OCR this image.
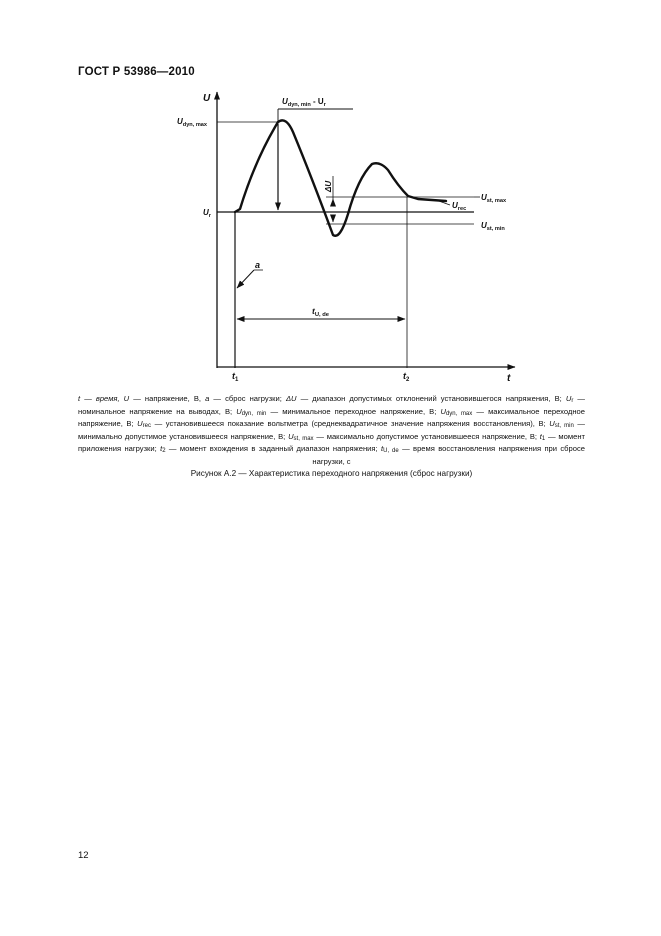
ГОСТ Р 53986—2010
U
t
$U_{dyn, max}$
$U_{dyn, min} - U_r$
$U_r$
ΔU
$U_{st, max}$
$U_{rec}$
$U_{st, min}$
a
$t_{U, de}$
$t_1$	$t_2$
t — время, U — напряжение, В, a — сброс нагрузки; ΔU — диапазон допустимых отклонений установившегося напряжения, В; $U_r$ — номинальное напряжение на выводах, В; $U_{dyn, min}$ — минимальное переходное напряжение, В; $U_{dyn, max}$ — максимальное переходное напряжение, В; $U_{rec}$ — установившееся показание вольтметра (среднеквадратичное значение напряжения восстановления), В; $U_{st, min}$ — минимально допустимое установившееся напряжение, В; $U_{st, max}$ — максимально допустимое установившееся напряжение, В; $t_1$ — момент приложения нагрузки; $t_2$ — момент вхождения в заданный диапазон напряжения; $t_{U, de}$ — время восстановления напряжения при сбросе нагрузки, с
Рисунок А.2 — Характеристика переходного напряжения (сброс нагрузки)
12
